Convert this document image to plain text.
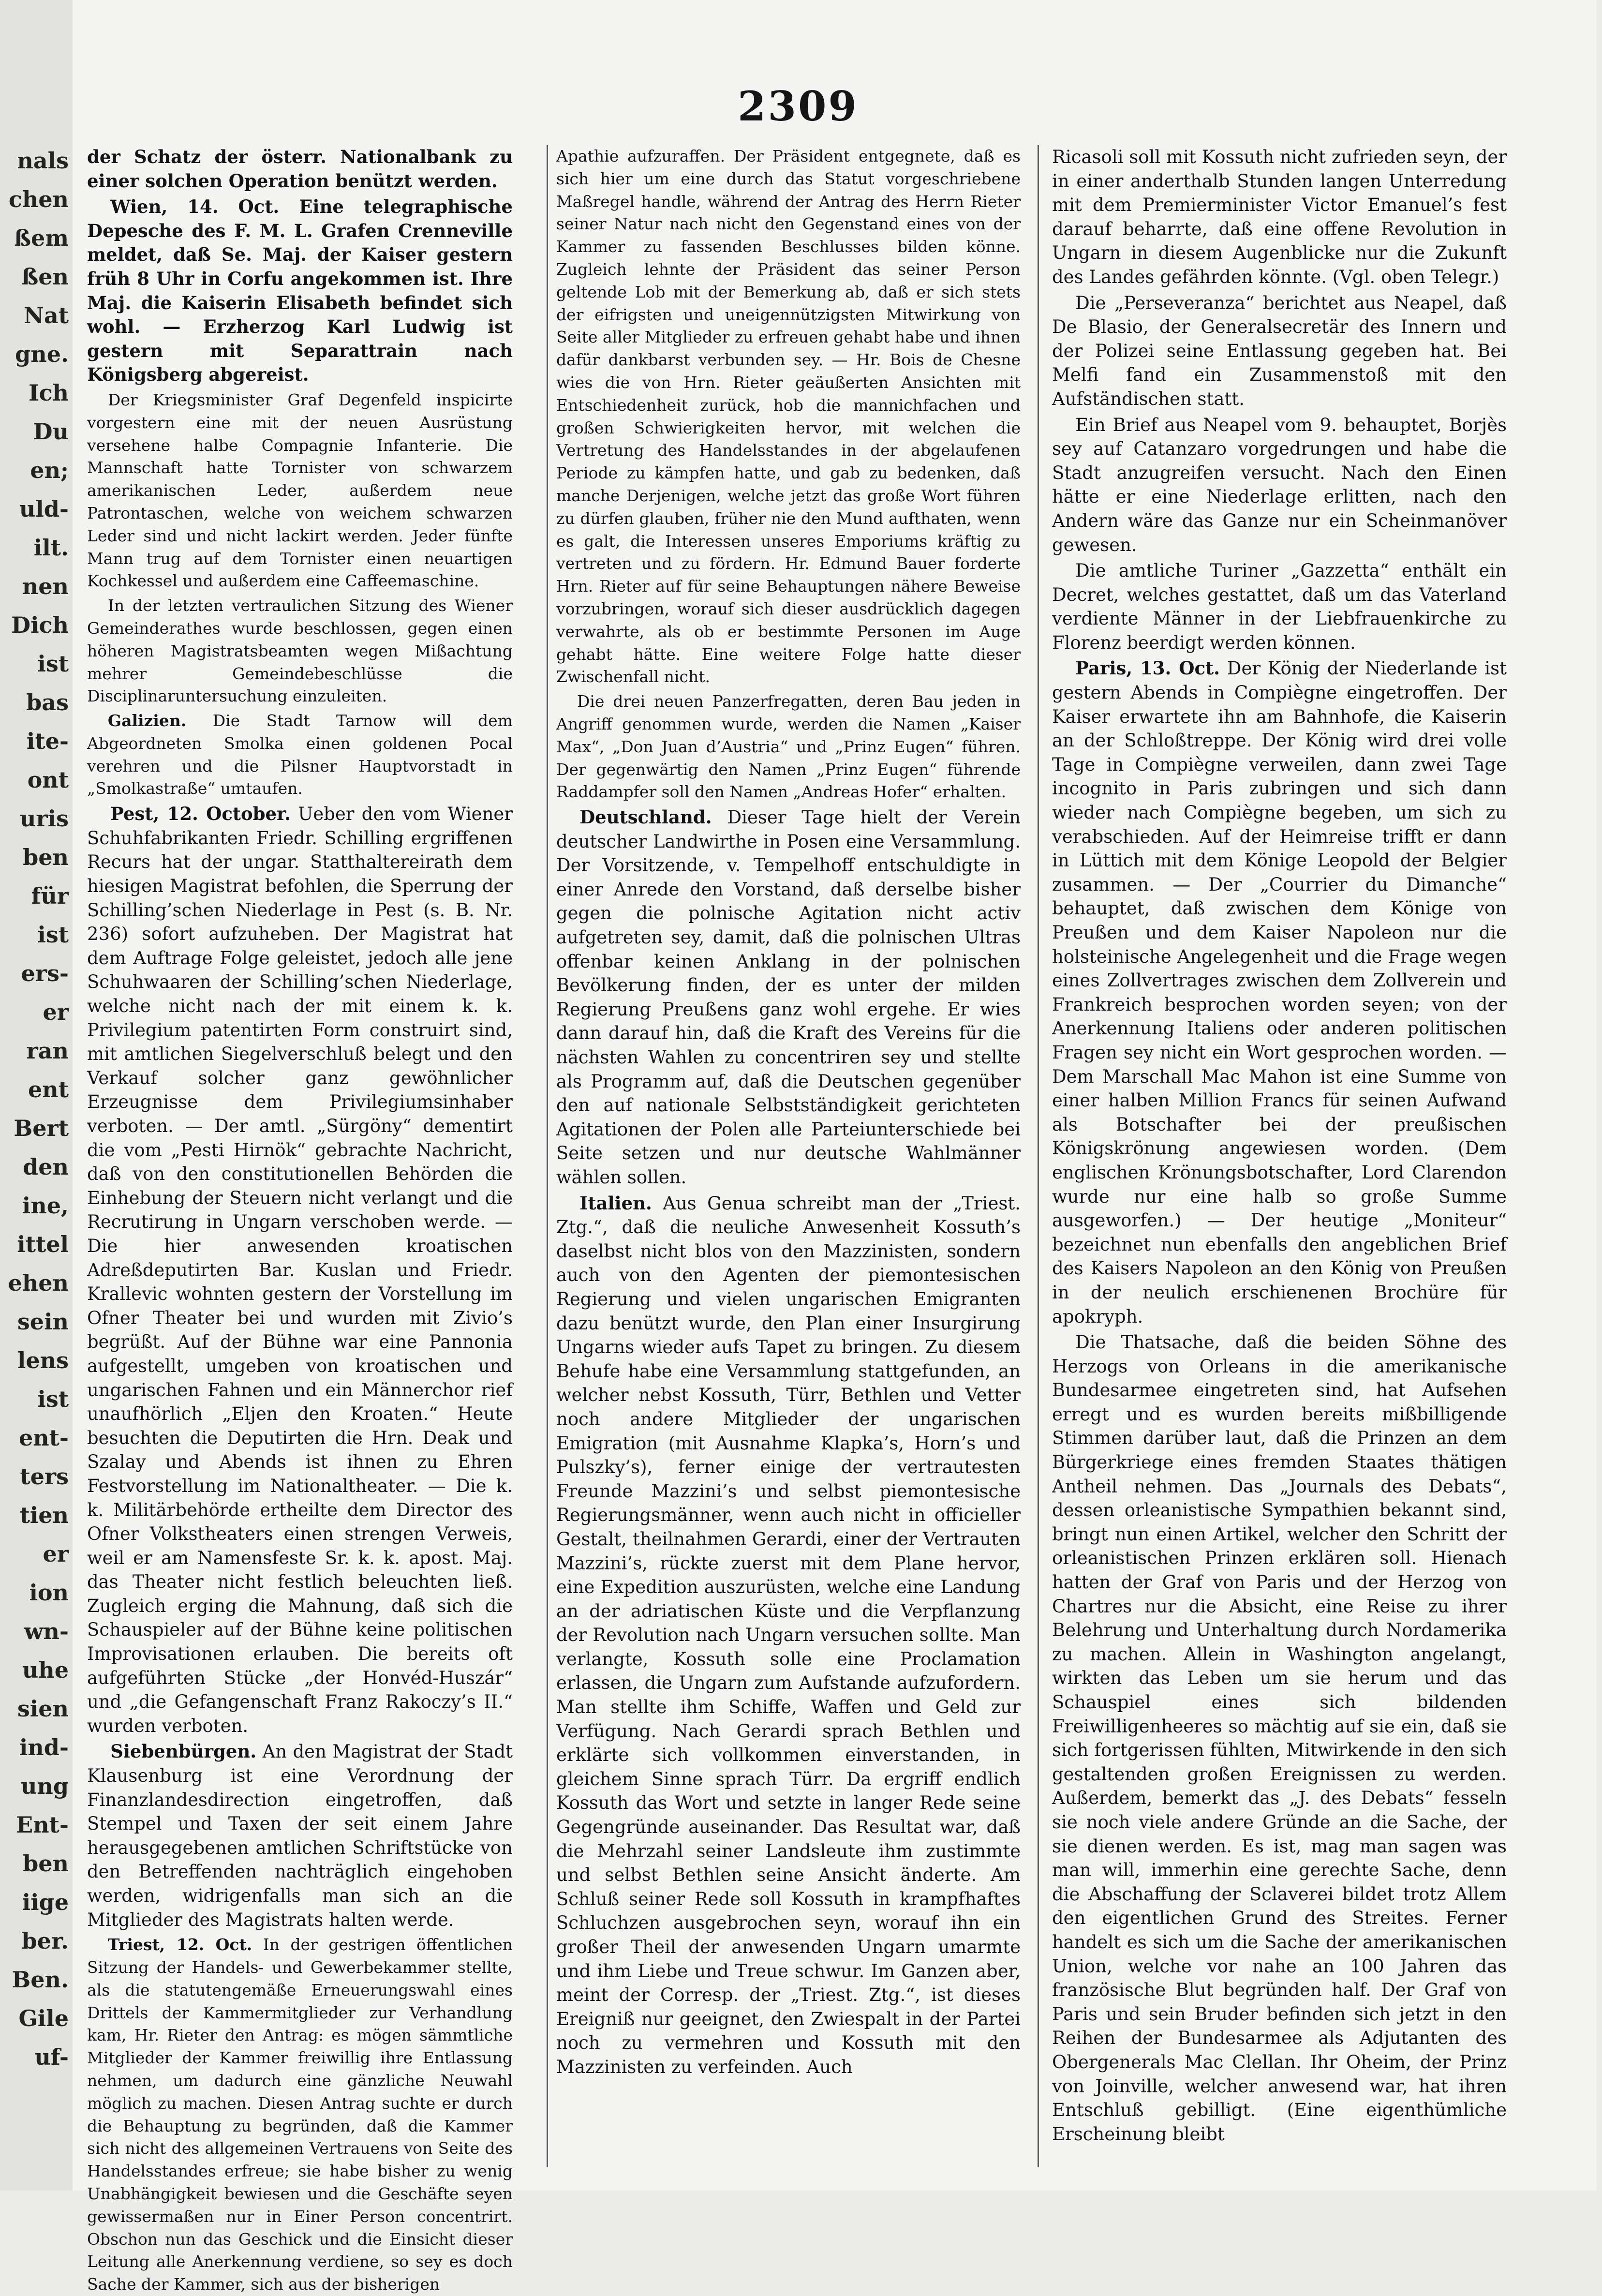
2309

der Schatz der österr. Nationalbank zu einer solchen Operation benützt werden.

Wien, 14. Oct. Eine telegraphische Depesche des F. M. L. Grafen Crenneville meldet, daß Se. Maj. der Kaiser gestern früh 8 Uhr in Corfu angekommen ist. Ihre Maj. die Kaiserin Elisabeth befindet sich wohl. — Erzherzog Karl Ludwig ist gestern mit Separattrain nach Königsberg abgereist.

Der Kriegsminister Graf Degenfeld inspicirte vorgestern eine mit der neuen Ausrüstung versehene halbe Compagnie Infanterie. Die Mannschaft hatte Tornister von schwarzem amerikanischen Leder, außerdem neue Patrontaschen, welche von weichem schwarzen Leder sind und nicht lackirt werden. Jeder fünfte Mann trug auf dem Tornister einen neuartigen Kochkessel und außerdem eine Caffeemaschine.

In der letzten vertraulichen Sitzung des Wiener Gemeinderathes wurde beschlossen, gegen einen höheren Magistratsbeamten wegen Mißachtung mehrer Gemeindebeschlüsse die Disciplinaruntersuchung einzuleiten.

Galizien. Die Stadt Tarnow will dem Abgeordneten Smolka einen goldenen Pocal verehren und die Pilsner Hauptvorstadt in „Smolkastraße“ umtaufen.

Pest, 12. October. Ueber den vom Wiener Schuhfabrikanten Friedr. Schilling ergriffenen Recurs hat der ungar. Statthaltereirath dem hiesigen Magistrat befohlen, die Sperrung der Schilling’schen Niederlage in Pest (s. B. Nr. 236) sofort aufzuheben. Der Magistrat hat dem Auftrage Folge geleistet, jedoch alle jene Schuhwaaren der Schilling’schen Niederlage, welche nicht nach der mit einem k. k. Privilegium patentirten Form construirt sind, mit amtlichen Siegelverschluß belegt und den Verkauf solcher ganz gewöhnlicher Erzeugnisse dem Privilegiumsinhaber verboten. — Der amtl. „Sürgöny“ dementirt die vom „Pesti Hirnök“ gebrachte Nachricht, daß von den constitutionellen Behörden die Einhebung der Steuern nicht verlangt und die Recrutirung in Ungarn verschoben werde. — Die hier anwesenden kroatischen Adreßdeputirten Bar. Kuslan und Friedr. Krallevic wohnten gestern der Vorstellung im Ofner Theater bei und wurden mit Zivio’s begrüßt. Auf der Bühne war eine Pannonia aufgestellt, umgeben von kroatischen und ungarischen Fahnen und ein Männerchor rief unaufhörlich „Eljen den Kroaten.“ Heute besuchten die Deputirten die Hrn. Deak und Szalay und Abends ist ihnen zu Ehren Festvorstellung im Nationaltheater. — Die k. k. Militärbehörde ertheilte dem Director des Ofner Volkstheaters einen strengen Verweis, weil er am Namensfeste Sr. k. k. apost. Maj. das Theater nicht festlich beleuchten ließ. Zugleich erging die Mahnung, daß sich die Schauspieler auf der Bühne keine politischen Improvisationen erlauben. Die bereits oft aufgeführten Stücke „der Honvéd-Huszár“ und „die Gefangenschaft Franz Rakoczy’s II.“ wurden verboten.

Siebenbürgen. An den Magistrat der Stadt Klausenburg ist eine Verordnung der Finanzlandesdirection eingetroffen, daß Stempel und Taxen der seit einem Jahre herausgegebenen amtlichen Schriftstücke von den Betreffenden nachträglich eingehoben werden, widrigenfalls man sich an die Mitglieder des Magistrats halten werde.

Triest, 12. Oct. In der gestrigen öffentlichen Sitzung der Handels- und Gewerbekammer stellte, als die statutengemäße Erneuerungswahl eines Drittels der Kammermitglieder zur Verhandlung kam, Hr. Rieter den Antrag: es mögen sämmtliche Mitglieder der Kammer freiwillig ihre Entlassung nehmen, um dadurch eine gänzliche Neuwahl möglich zu machen. Diesen Antrag suchte er durch die Behauptung zu begründen, daß die Kammer sich nicht des allgemeinen Vertrauens von Seite des Handelsstandes erfreue; sie habe bisher zu wenig Unabhängigkeit bewiesen und die Geschäfte seyen gewissermaßen nur in Einer Person concentrirt. Obschon nun das Geschick und die Einsicht dieser Leitung alle Anerkennung verdiene, so sey es doch Sache der Kammer, sich aus der bisherigen

Apathie aufzuraffen. Der Präsident entgegnete, daß es sich hier um eine durch das Statut vorgeschriebene Maßregel handle, während der Antrag des Herrn Rieter seiner Natur nach nicht den Gegenstand eines von der Kammer zu fassenden Beschlusses bilden könne. Zugleich lehnte der Präsident das seiner Person geltende Lob mit der Bemerkung ab, daß er sich stets der eifrigsten und uneigennützigsten Mitwirkung von Seite aller Mitglieder zu erfreuen gehabt habe und ihnen dafür dankbarst verbunden sey. — Hr. Bois de Chesne wies die von Hrn. Rieter geäußerten Ansichten mit Entschiedenheit zurück, hob die mannichfachen und großen Schwierigkeiten hervor, mit welchen die Vertretung des Handelsstandes in der abgelaufenen Periode zu kämpfen hatte, und gab zu bedenken, daß manche Derjenigen, welche jetzt das große Wort führen zu dürfen glauben, früher nie den Mund aufthaten, wenn es galt, die Interessen unseres Emporiums kräftig zu vertreten und zu fördern. Hr. Edmund Bauer forderte Hrn. Rieter auf für seine Behauptungen nähere Beweise vorzubringen, worauf sich dieser ausdrücklich dagegen verwahrte, als ob er bestimmte Personen im Auge gehabt hätte. Eine weitere Folge hatte dieser Zwischenfall nicht.

Die drei neuen Panzerfregatten, deren Bau jeden in Angriff genommen wurde, werden die Namen „Kaiser Max“, „Don Juan d’Austria“ und „Prinz Eugen“ führen. Der gegenwärtig den Namen „Prinz Eugen“ führende Raddampfer soll den Namen „Andreas Hofer“ erhalten.

Deutschland. Dieser Tage hielt der Verein deutscher Landwirthe in Posen eine Versammlung. Der Vorsitzende, v. Tempelhoff entschuldigte in einer Anrede den Vorstand, daß derselbe bisher gegen die polnische Agitation nicht activ aufgetreten sey, damit, daß die polnischen Ultras offenbar keinen Anklang in der polnischen Bevölkerung finden, der es unter der milden Regierung Preußens ganz wohl ergehe. Er wies dann darauf hin, daß die Kraft des Vereins für die nächsten Wahlen zu concentriren sey und stellte als Programm auf, daß die Deutschen gegenüber den auf nationale Selbstständigkeit gerichteten Agitationen der Polen alle Parteiunterschiede bei Seite setzen und nur deutsche Wahlmänner wählen sollen.

Italien. Aus Genua schreibt man der „Triest. Ztg.“, daß die neuliche Anwesenheit Kossuth’s daselbst nicht blos von den Mazzinisten, sondern auch von den Agenten der piemontesischen Regierung und vielen ungarischen Emigranten dazu benützt wurde, den Plan einer Insurgirung Ungarns wieder aufs Tapet zu bringen. Zu diesem Behufe habe eine Versammlung stattgefunden, an welcher nebst Kossuth, Türr, Bethlen und Vetter noch andere Mitglieder der ungarischen Emigration (mit Ausnahme Klapka’s, Horn’s und Pulszky’s), ferner einige der vertrautesten Freunde Mazzini’s und selbst piemontesische Regierungsmänner, wenn auch nicht in officieller Gestalt, theilnahmen Gerardi, einer der Vertrauten Mazzini’s, rückte zuerst mit dem Plane hervor, eine Expedition auszurüsten, welche eine Landung an der adriatischen Küste und die Verpflanzung der Revolution nach Ungarn versuchen sollte. Man verlangte, Kossuth solle eine Proclamation erlassen, die Ungarn zum Aufstande aufzufordern. Man stellte ihm Schiffe, Waffen und Geld zur Verfügung. Nach Gerardi sprach Bethlen und erklärte sich vollkommen einverstanden, in gleichem Sinne sprach Türr. Da ergriff endlich Kossuth das Wort und setzte in langer Rede seine Gegengründe auseinander. Das Resultat war, daß die Mehrzahl seiner Landsleute ihm zustimmte und selbst Bethlen seine Ansicht änderte. Am Schluß seiner Rede soll Kossuth in krampfhaftes Schluchzen ausgebrochen seyn, worauf ihn ein großer Theil der anwesenden Ungarn umarmte und ihm Liebe und Treue schwur. Im Ganzen aber, meint der Corresp. der „Triest. Ztg.“, ist dieses Ereigniß nur geeignet, den Zwiespalt in der Partei noch zu vermehren und Kossuth mit den Mazzinisten zu verfeinden. Auch

Ricasoli soll mit Kossuth nicht zufrieden seyn, der in einer anderthalb Stunden langen Unterredung mit dem Premierminister Victor Emanuel’s fest darauf beharrte, daß eine offene Revolution in Ungarn in diesem Augenblicke nur die Zukunft des Landes gefährden könnte. (Vgl. oben Telegr.)

Die „Perseveranza“ berichtet aus Neapel, daß De Blasio, der Generalsecretär des Innern und der Polizei seine Entlassung gegeben hat. Bei Melfi fand ein Zusammenstoß mit den Aufständischen statt.

Ein Brief aus Neapel vom 9. behauptet, Borjès sey auf Catanzaro vorgedrungen und habe die Stadt anzugreifen versucht. Nach den Einen hätte er eine Niederlage erlitten, nach den Andern wäre das Ganze nur ein Scheinmanöver gewesen.

Die amtliche Turiner „Gazzetta“ enthält ein Decret, welches gestattet, daß um das Vaterland verdiente Männer in der Liebfrauenkirche zu Florenz beerdigt werden können.

Paris, 13. Oct. Der König der Niederlande ist gestern Abends in Compiègne eingetroffen. Der Kaiser erwartete ihn am Bahnhofe, die Kaiserin an der Schloßtreppe. Der König wird drei volle Tage in Compiègne verweilen, dann zwei Tage incognito in Paris zubringen und sich dann wieder nach Compiègne begeben, um sich zu verabschieden. Auf der Heimreise trifft er dann in Lüttich mit dem Könige Leopold der Belgier zusammen. — Der „Courrier du Dimanche“ behauptet, daß zwischen dem Könige von Preußen und dem Kaiser Napoleon nur die holsteinische Angelegenheit und die Frage wegen eines Zollvertrages zwischen dem Zollverein und Frankreich besprochen worden seyen; von der Anerkennung Italiens oder anderen politischen Fragen sey nicht ein Wort gesprochen worden. — Dem Marschall Mac Mahon ist eine Summe von einer halben Million Francs für seinen Aufwand als Botschafter bei der preußischen Königskrönung angewiesen worden. (Dem englischen Krönungsbotschafter, Lord Clarendon wurde nur eine halb so große Summe ausgeworfen.) — Der heutige „Moniteur“ bezeichnet nun ebenfalls den angeblichen Brief des Kaisers Napoleon an den König von Preußen in der neulich erschienenen Brochüre für apokryph.

Die Thatsache, daß die beiden Söhne des Herzogs von Orleans in die amerikanische Bundesarmee eingetreten sind, hat Aufsehen erregt und es wurden bereits mißbilligende Stimmen darüber laut, daß die Prinzen an dem Bürgerkriege eines fremden Staates thätigen Antheil nehmen. Das „Journals des Debats“, dessen orleanistische Sympathien bekannt sind, bringt nun einen Artikel, welcher den Schritt der orleanistischen Prinzen erklären soll. Hienach hatten der Graf von Paris und der Herzog von Chartres nur die Absicht, eine Reise zu ihrer Belehrung und Unterhaltung durch Nordamerika zu machen. Allein in Washington angelangt, wirkten das Leben um sie herum und das Schauspiel eines sich bildenden Freiwilligenheeres so mächtig auf sie ein, daß sie sich fortgerissen fühlten, Mitwirkende in den sich gestaltenden großen Ereignissen zu werden. Außerdem, bemerkt das „J. des Debats“ fesseln sie noch viele andere Gründe an die Sache, der sie dienen werden. Es ist, mag man sagen was man will, immerhin eine gerechte Sache, denn die Abschaffung der Sclaverei bildet trotz Allem den eigentlichen Grund des Streites. Ferner handelt es sich um die Sache der amerikanischen Union, welche vor nahe an 100 Jahren das französische Blut begründen half. Der Graf von Paris und sein Bruder befinden sich jetzt in den Reihen der Bundesarmee als Adjutanten des Obergenerals Mac Clellan. Ihr Oheim, der Prinz von Joinville, welcher anwesend war, hat ihren Entschluß gebilligt. (Eine eigenthümliche Erscheinung bleibt

nals
chen
ßem
ßen
Nat
gne.
Ich
Du
en;
uld-
ilt.
nen
Dich
ist
bas
ite-
ont
uris
ben
für
ist
ers-
er
ran
ent
Bert
den
ine,
ittel
ehen
sein
lens
ist
ent-
ters
tien
er
ion
wn-
uhe
sien
ind-
ung
Ent-
ben
iige
ber.
Ben.
Gile
uf-
